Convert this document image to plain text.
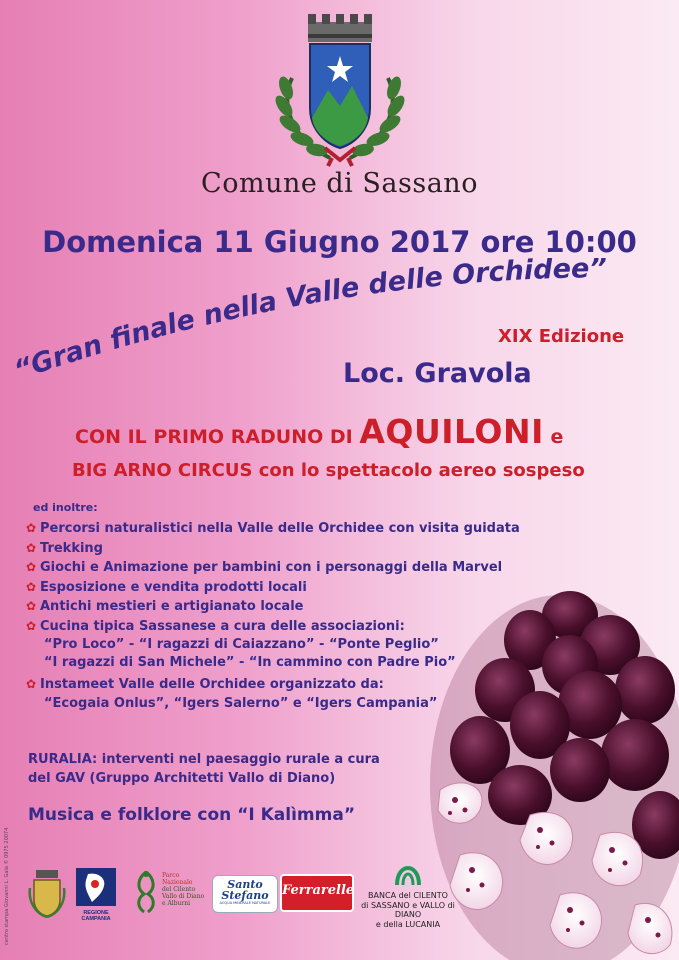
Comune di Sassano
Domenica 11 Giugno 2017 ore 10:00
“Gran finale nella Valle delle Orchidee”
XIX Edizione
Loc. Gravola
CON IL PRIMO RADUNO DI AQUILONI e
BIG ARNO CIRCUS con lo spettacolo aereo sospeso
ed inoltre:
✿ Percorsi naturalistici nella Valle delle Orchidee con visita guidata
✿ Trekking
✿ Giochi e Animazione per bambini con i personaggi della Marvel
✿ Esposizione e vendita prodotti locali
✿ Antichi mestieri e artigianato locale
✿ Cucina tipica Sassanese a cura delle associazioni:
“Pro Loco” - “I ragazzi di Caiazzano” - “Ponte Peglio”
“I ragazzi di San Michele” - “In cammino con Padre Pio”
✿ Instameet Valle delle Orchidee organizzato da:
“Ecogaia Onlus”, “Igers Salerno” e “Igers Campania”
RURALIA: interventi nel paesaggio rurale a cura
del GAV (Gruppo Architetti Vallo di Diano)
Musica e folklore con “I Kalìmma”
centro stampa Giovanni L. Gala © 0975 20074	REGIONE CAMPANIA
Parco Nazionale
del Cilento
Vallo di Diano
e Alburni
Santo
Stefano
ACQUA MINERALE NATURALE
Ferrarelle	BANCA del CILENTO
di SASSANO e VALLO di DIANO
e della LUCANIA
